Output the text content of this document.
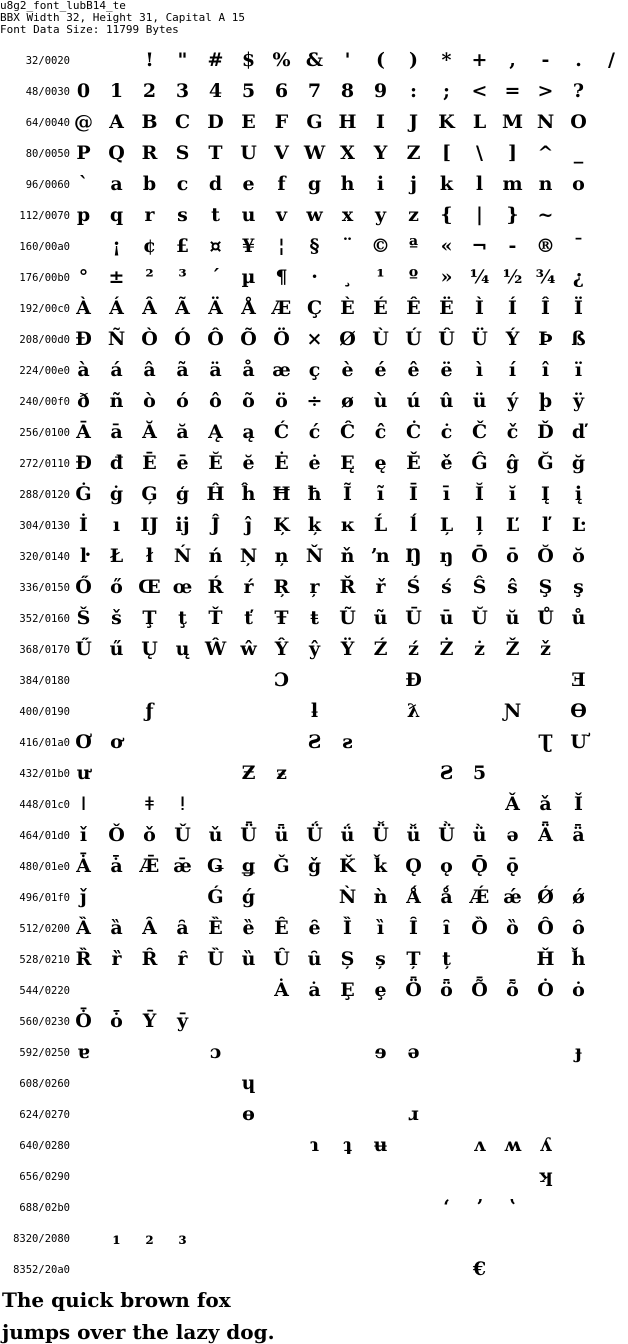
u8g2_font_lubB14_te
BBX Width 32, Height 31, Capital A 15
Font Data Size: 11799 Bytes
32/0020
	!	"	# $ % &	'	(	)	*	+	,	-	.	/
48/0030 0	1	2	3	4	5	6	7	8	9	:	;	< = >	?
64/0040 @ A B C D E	F G H	I	J	K L M N O
80/0050 P Q R S	T U V W X Y	Z	[	\	]	^	_
96/0060 `	a	b	c	d	e	f	g	h	i	j	k	l	m n	o
112/0070 p	q	r	s	t	u	v	w	x	y	z	{	|	} ~
160/00a0	¡	¢	£	¤	¥	¦	§	¨ © ª	«	¬	-	® ¯
176/00b0 °	±	²	³	´	µ	¶	·	¸	¹	º	» ¼ ½ ¾ ¿
192/00c0 À Á Â Ã Ä Å Æ Ç È É Ê Ë	Ì	Í	Î	Ï
208/00d0 Đ Ñ Ò Ó Ô Õ Ö × Ø Ù Ú Û Ü Ý	Þ ß
224/00e0 à	á	â	ã	ä	å æ ç	è	é	ê	ë	ì	í	î	ï
240/00f0 ð	ñ	ò	ó	ô	õ	ö ÷ ø	ù	ú	û	ü	ý	þ	ÿ
256/0100 Ā	ā	Ă	ă	Ą	ą	Ć	ć	Ĉ	ĉ	Ċ	ċ	Č	č Ď ď
272/0110 Đ đ	Ē	ē	Ĕ	ĕ	Ė	ė	Ę	ę	Ě	ě Ĝ ĝ Ğ ğ
288/0120 Ġ ġ Ģ ģ Ĥ ĥ Ħ ħ	Ĩ	ĩ	Ī	ī	Ĭ	ĭ	Į	į
304/0130 İ	ı	Ĳ ĳ	Ĵ	ĵ	Ķ ķ	ĸ	Ĺ	ĺ	Ļ	ļ	Ľ	ľ	Ŀ
320/0140 ŀ	Ł	ł	Ń ń Ņ ņ Ň ň ŉ Ŋ ŋ Ō ō Ŏ ŏ
336/0150 Ő ő Œ œ Ŕ	ŕ	Ŗ	ŗ	Ř	ř	Ś	ś	Ŝ	ŝ	Ş	ş
352/0160 Š	š	Ţ	ţ	Ť	ť	Ŧ	ŧ	Ũ ũ Ū ū Ŭ ŭ Ů ů
368/0170 Ű ű Ų ų Ŵ ŵ Ŷ	ŷ	Ÿ	Ź	ź	Ż	ż	Ž	ž
384/0180	Ɔ	Ɖ	Ǝ
400/0190	ƒ	ƚ	ƛ	Ɲ	Ɵ
416/01a0 Ơ ơ	Ƨ	ƨ	Ʈ Ư
432/01b0 ư	Ƶ	ƶ	Ƨ	5
448/01c0 ǀ	ǂ	ǃ	Ǎ	ǎ	Ǐ
464/01d0 ǐ	Ǒ ǒ Ǔ ǔ Ǖ ǖ Ǘ ǘ Ǚ ǚ Ǜ ǜ	ǝ	Ǟ	ǟ
480/01e0 Ǡ	ǡ Ǣ ǣ Ǥ ǥ Ǧ ǧ Ǩ ǩ Ǫ ǫ Ǭ ǭ
496/01f0 ǰ	Ǵ ǵ	Ǹ ǹ Ǻ	ǻ Ǽ ǽ Ǿ ǿ
512/0200 Ȁ	ȁ	Ȃ	ȃ	Ȅ	ȅ	Ȇ	ȇ	Ȉ	ȉ	Ȋ	ȋ	Ȍ ȍ Ȏ ȏ
528/0210 Ȑ	ȑ	Ȓ	ȓ	Ȕ ȕ Ȗ ȗ	Ș	ș	Ț	ț	Ȟ ȟ
544/0220	Ȧ	ȧ	Ȩ	ȩ Ȫ ȫ Ȭ ȭ Ȯ ȯ
560/0230 Ȱ ȱ	Ȳ	ȳ
592/0250 ɐ	ɔ	ɘ	ə	ɟ
608/0260	ɥ
624/0270	ɵ	ɹ
640/0280	ɿ	ʇ	ʉ	ʌ ʍ ʎ
656/0290	ʞ
688/02b0	ʻ	ʼ	ʽ
8320/2080	₁	₂	₃
8352/20a0	€
The quick brown fox
jumps over the lazy dog.
